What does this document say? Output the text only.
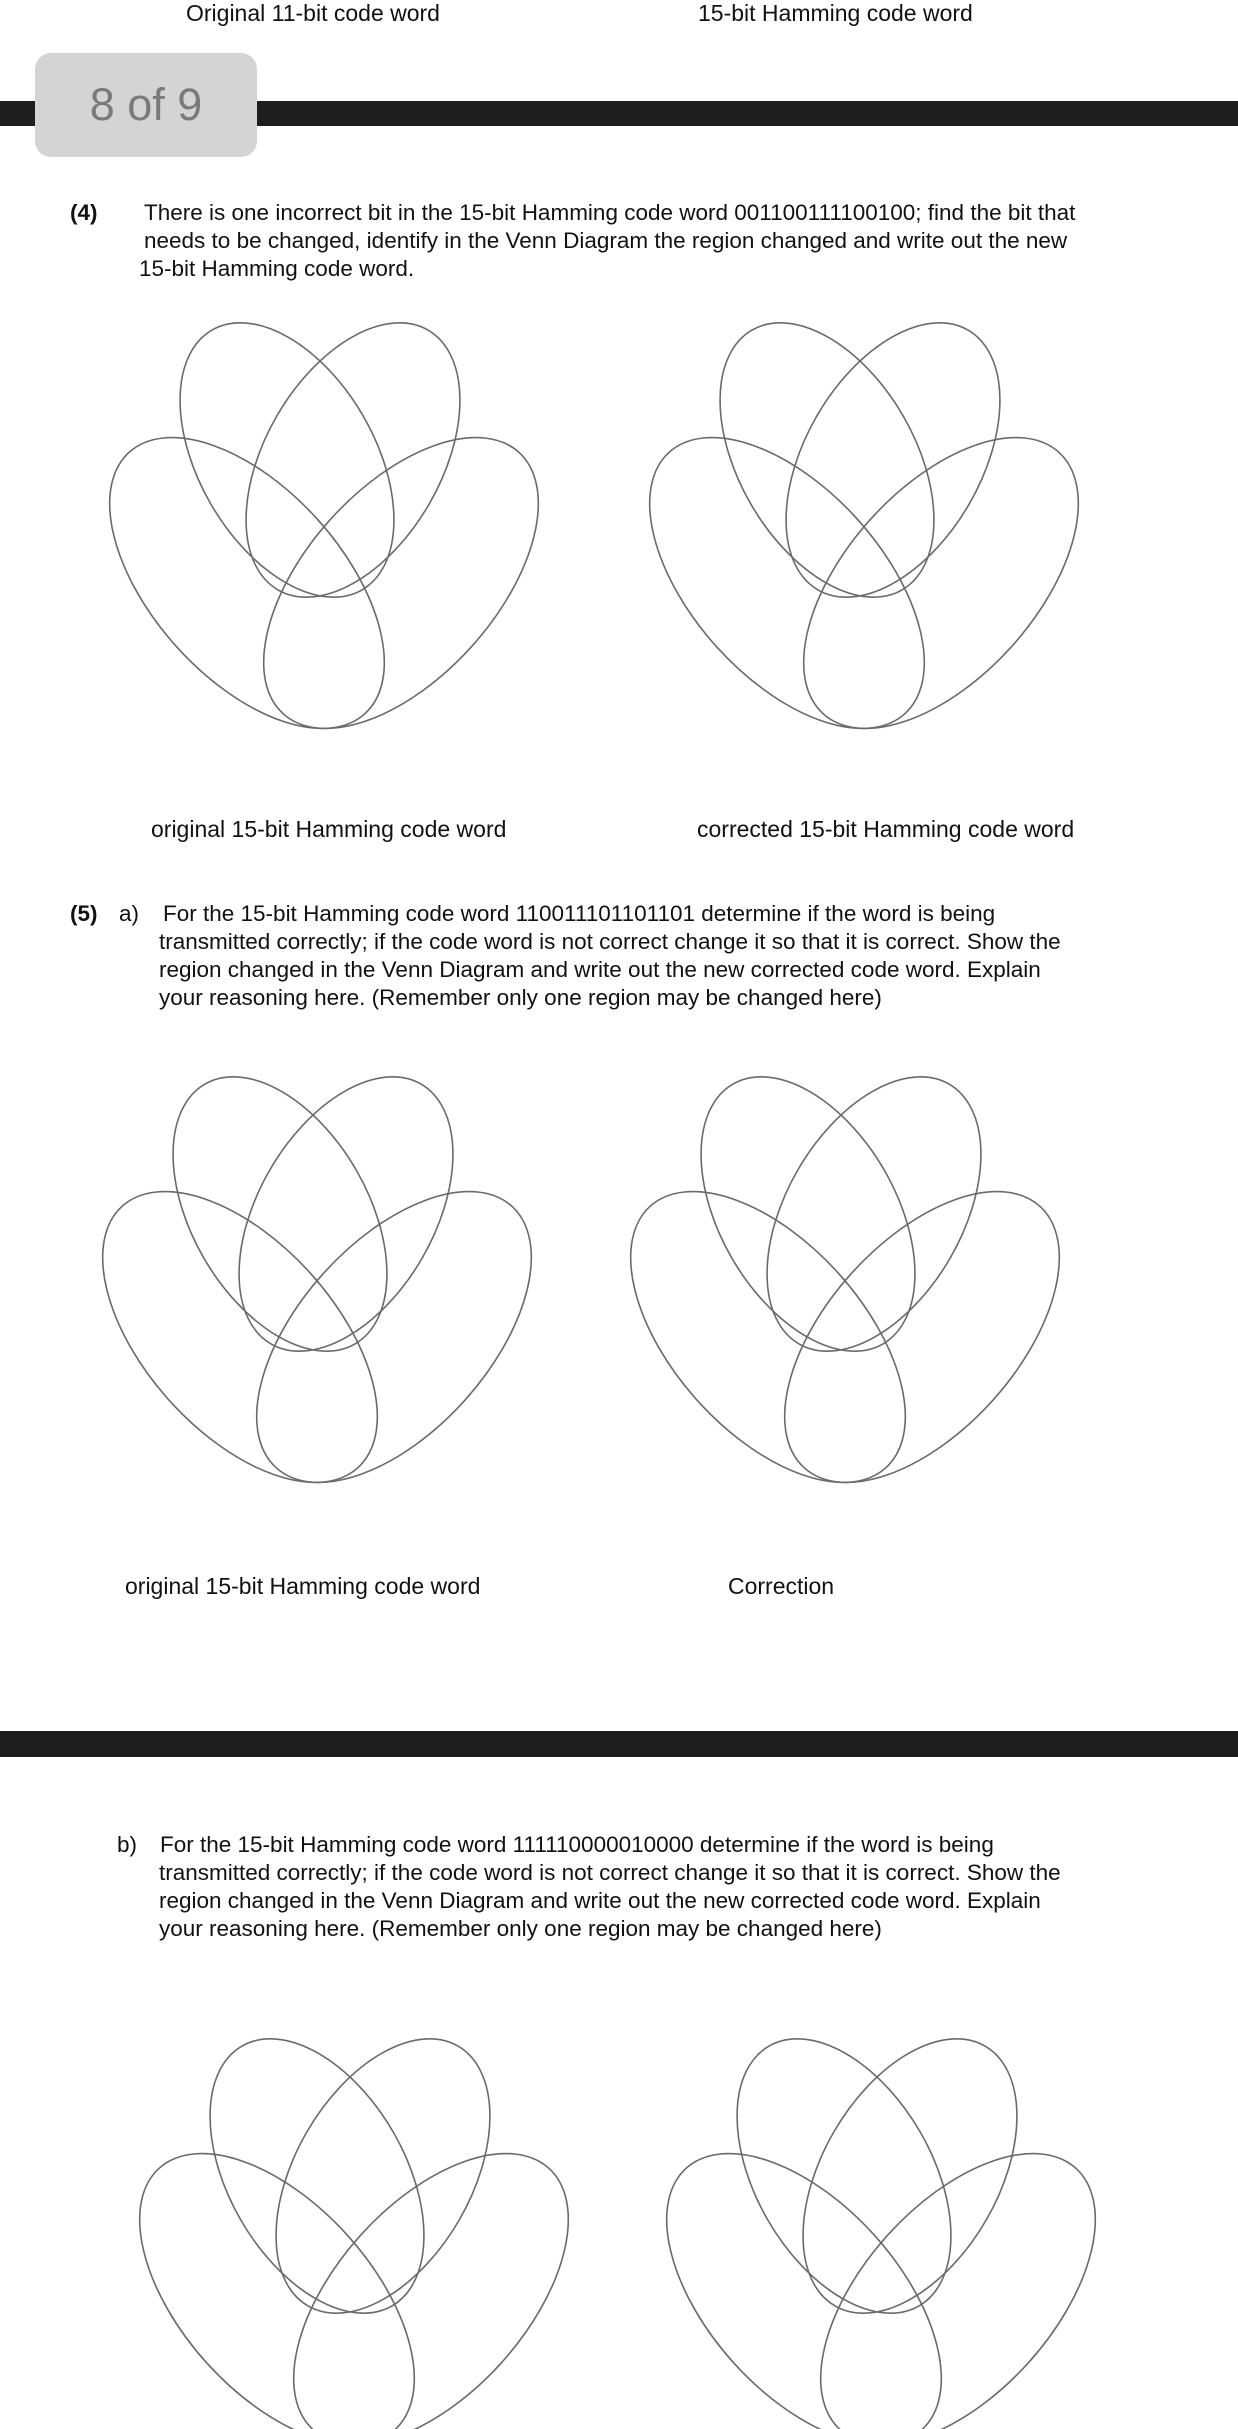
Original 11-bit code word	15-bit Hamming code word
8 of 9
(4) There is one incorrect bit in the 15-bit Hamming code word 001100111100100; find the bit that
needs to be changed, identify in the Venn Diagram the region changed and write out the new
15-bit Hamming code word.
original 15-bit Hamming code word	corrected 15-bit Hamming code word
(5) a) For the 15-bit Hamming code word 110011101101101 determine if the word is being
transmitted correctly; if the code word is not correct change it so that it is correct. Show the
region changed in the Venn Diagram and write out the new corrected code word. Explain
your reasoning here. (Remember only one region may be changed here)
original 15-bit Hamming code word	Correction
b) For the 15-bit Hamming code word 111110000010000 determine if the word is being
transmitted correctly; if the code word is not correct change it so that it is correct. Show the
region changed in the Venn Diagram and write out the new corrected code word. Explain
your reasoning here. (Remember only one region may be changed here)
